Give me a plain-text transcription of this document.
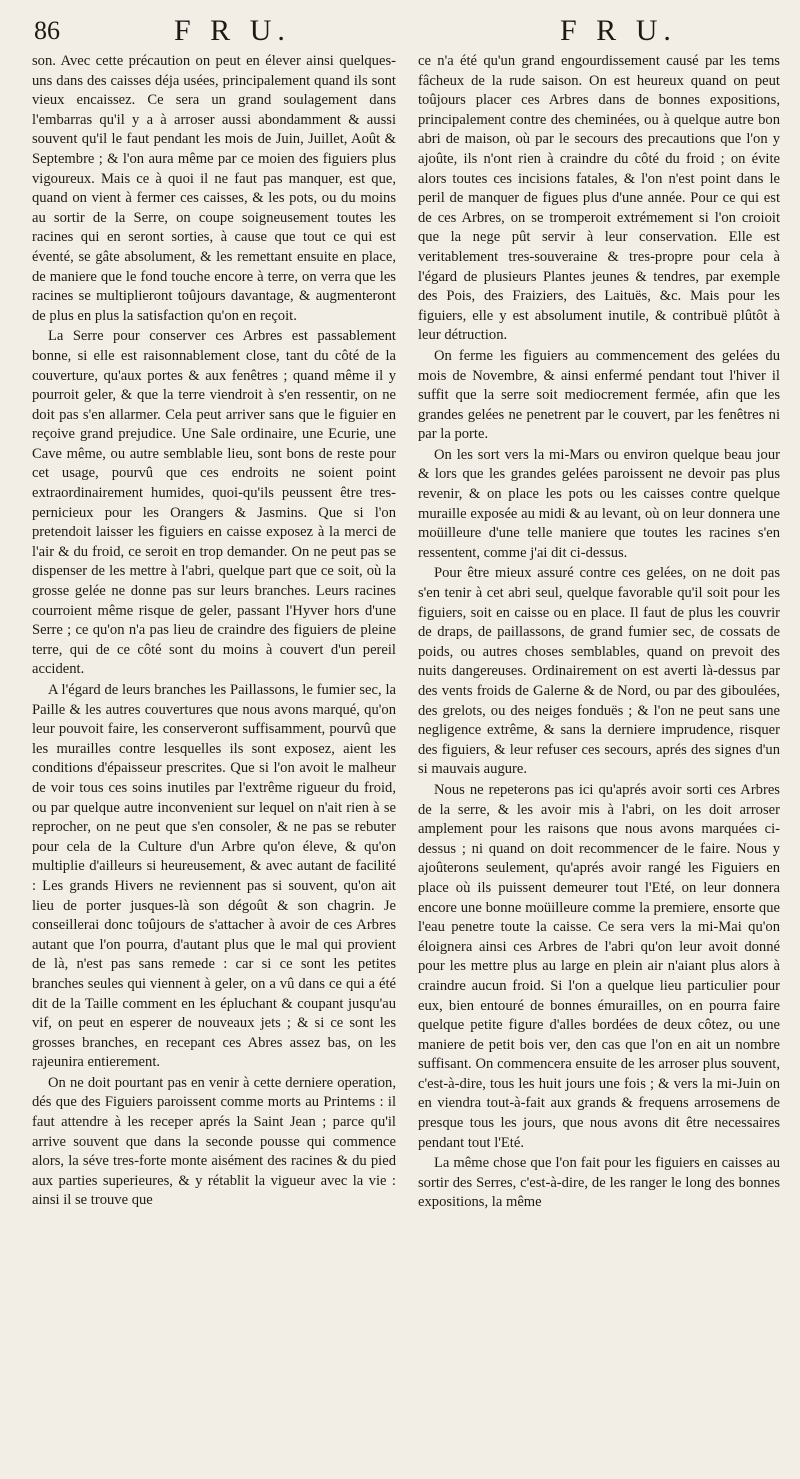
86	F R U.	F R U.

son. Avec cette précaution on peut en élever ainsi quelques-uns dans des caisses déja usées, principalement quand ils sont vieux encaissez. Ce sera un grand soulagement dans l'embarras qu'il y a à arroser aussi abondamment & aussi souvent qu'il le faut pendant les mois de Juin, Juillet, Août & Septembre ; & l'on aura même par ce moien des figuiers plus vigoureux. Mais ce à quoi il ne faut pas manquer, est que, quand on vient à fermer ces caisses, & les pots, ou du moins au sortir de la Serre, on coupe soigneusement toutes les racines qui en seront sorties, à cause que tout ce qui est éventé, se gâte absolument, & les remettant ensuite en place, de maniere que le fond touche encore à terre, on verra que les racines se multiplieront toûjours davantage, & augmenteront de plus en plus la satisfaction qu'on en reçoit.

La Serre pour conserver ces Arbres est passablement bonne, si elle est raisonnablement close, tant du côté de la couverture, qu'aux portes & aux fenêtres ; quand même il y pourroit geler, & que la terre viendroit à s'en ressentir, on ne doit pas s'en allarmer. Cela peut arriver sans que le figuier en reçoive grand prejudice. Une Sale ordinaire, une Ecurie, une Cave même, ou autre semblable lieu, sont bons de reste pour cet usage, pourvû que ces endroits ne soient point extraordinairement humides, quoi-qu'ils peussent être tres-pernicieux pour les Orangers & Jasmins. Que si l'on pretendoit laisser les figuiers en caisse exposez à la merci de l'air & du froid, ce seroit en trop demander. On ne peut pas se dispenser de les mettre à l'abri, quelque part que ce soit, où la grosse gelée ne donne pas sur leurs branches. Leurs racines courroient même risque de geler, passant l'Hyver hors d'une Serre ; ce qu'on n'a pas lieu de craindre des figuiers de pleine terre, qui de ce côté sont du moins à couvert d'un pereil accident.

A l'égard de leurs branches les Paillassons, le fumier sec, la Paille & les autres couvertures que nous avons marqué, qu'on leur pouvoit faire, les conserveront suffisamment, pourvû que les murailles contre lesquelles ils sont exposez, aient les conditions d'épaisseur prescrites. Que si l'on avoit le malheur de voir tous ces soins inutiles par l'extrême rigueur du froid, ou par quelque autre inconvenient sur lequel on n'ait rien à se reprocher, on ne peut que s'en consoler, & ne pas se rebuter pour cela de la Culture d'un Arbre qu'on éleve, & qu'on multiplie d'ailleurs si heureusement, & avec autant de facilité : Les grands Hivers ne reviennent pas si souvent, qu'on ait lieu de porter jusques-là son dégoût & son chagrin. Je conseillerai donc toûjours de s'attacher à avoir de ces Arbres autant que l'on pourra, d'autant plus que le mal qui provient de là, n'est pas sans remede : car si ce sont les petites branches seules qui viennent à geler, on a vû dans ce qui a été dit de la Taille comment en les épluchant & coupant jusqu'au vif, on peut en esperer de nouveaux jets ; & si ce sont les grosses branches, en recepant ces Abres assez bas, on les rajeunira entierement.

On ne doit pourtant pas en venir à cette derniere operation, dés que des Figuiers paroissent comme morts au Printems : il faut attendre à les receper aprés la Saint Jean ; parce qu'il arrive souvent que dans la seconde pousse qui commence alors, la séve tres-forte monte aisément des racines & du pied aux parties superieures, & y rétablit la vigueur avec la vie : ainsi il se trouve que

ce n'a été qu'un grand engourdissement causé par les tems fâcheux de la rude saison. On est heureux quand on peut toûjours placer ces Arbres dans de bonnes expositions, principalement contre des cheminées, ou à quelque autre bon abri de maison, où par le secours des precautions que l'on y ajoûte, ils n'ont rien à craindre du côté du froid ; on évite alors toutes ces incisions fatales, & l'on n'est point dans le peril de manquer de figues plus d'une année. Pour ce qui est de ces Arbres, on se tromperoit extrémement si l'on croioit que la nege pût servir à leur conservation. Elle est veritablement tres-souveraine & tres-propre pour cela à l'égard de plusieurs Plantes jeunes & tendres, par exemple des Pois, des Fraiziers, des Laituës, &c. Mais pour les figuiers, elle y est absolument inutile, & contribuë plûtôt à leur détruction.

On ferme les figuiers au commencement des gelées du mois de Novembre, & ainsi enfermé pendant tout l'hiver il suffit que la serre soit mediocrement fermée, afin que les grandes gelées ne penetrent par le couvert, par les fenêtres ni par la porte.

On les sort vers la mi-Mars ou environ quelque beau jour & lors que les grandes gelées paroissent ne devoir pas plus revenir, & on place les pots ou les caisses contre quelque muraille exposée au midi & au levant, où on leur donnera une moüilleure d'une telle maniere que toutes les racines s'en ressentent, comme j'ai dit ci-dessus.

Pour être mieux assuré contre ces gelées, on ne doit pas s'en tenir à cet abri seul, quelque favorable qu'il soit pour les figuiers, soit en caisse ou en place. Il faut de plus les couvrir de draps, de paillassons, de grand fumier sec, de cossats de poids, ou autres choses semblables, quand on prevoit des nuits dangereuses. Ordinairement on est averti là-dessus par des vents froids de Galerne & de Nord, ou par des giboulées, des grelots, ou des neiges fonduës ; & l'on ne peut sans une negligence extrême, & sans la derniere imprudence, risquer des figuiers, & leur refuser ces secours, aprés des signes d'un si mauvais augure.

Nous ne repeterons pas ici qu'aprés avoir sorti ces Arbres de la serre, & les avoir mis à l'abri, on les doit arroser amplement pour les raisons que nous avons marquées ci-dessus ; ni quand on doit recommencer de le faire. Nous y ajoûterons seulement, qu'aprés avoir rangé les Figuiers en place où ils puissent demeurer tout l'Eté, on leur donnera encore une bonne moüilleure comme la premiere, ensorte que l'eau penetre toute la caisse. Ce sera vers la mi-Mai qu'on éloignera ainsi ces Arbres de l'abri qu'on leur avoit donné pour les mettre plus au large en plein air n'aiant plus alors à craindre aucun froid. Si l'on a quelque lieu particulier pour eux, bien entouré de bonnes émurailles, on en pourra faire quelque petite figure d'alles bordées de deux côtez, ou une maniere de petit bois ver, den cas que l'on en ait un nombre suffisant. On commencera ensuite de les arroser plus souvent, c'est-à-dire, tous les huit jours une fois ; & vers la mi-Juin on en viendra tout-à-fait aux grands & frequens arrosemens de presque tous les jours, que nous avons dit être necessaires pendant tout l'Eté.

La même chose que l'on fait pour les figuiers en caisses au sortir des Serres, c'est-à-dire, de les ranger le long des bonnes expositions, la même
